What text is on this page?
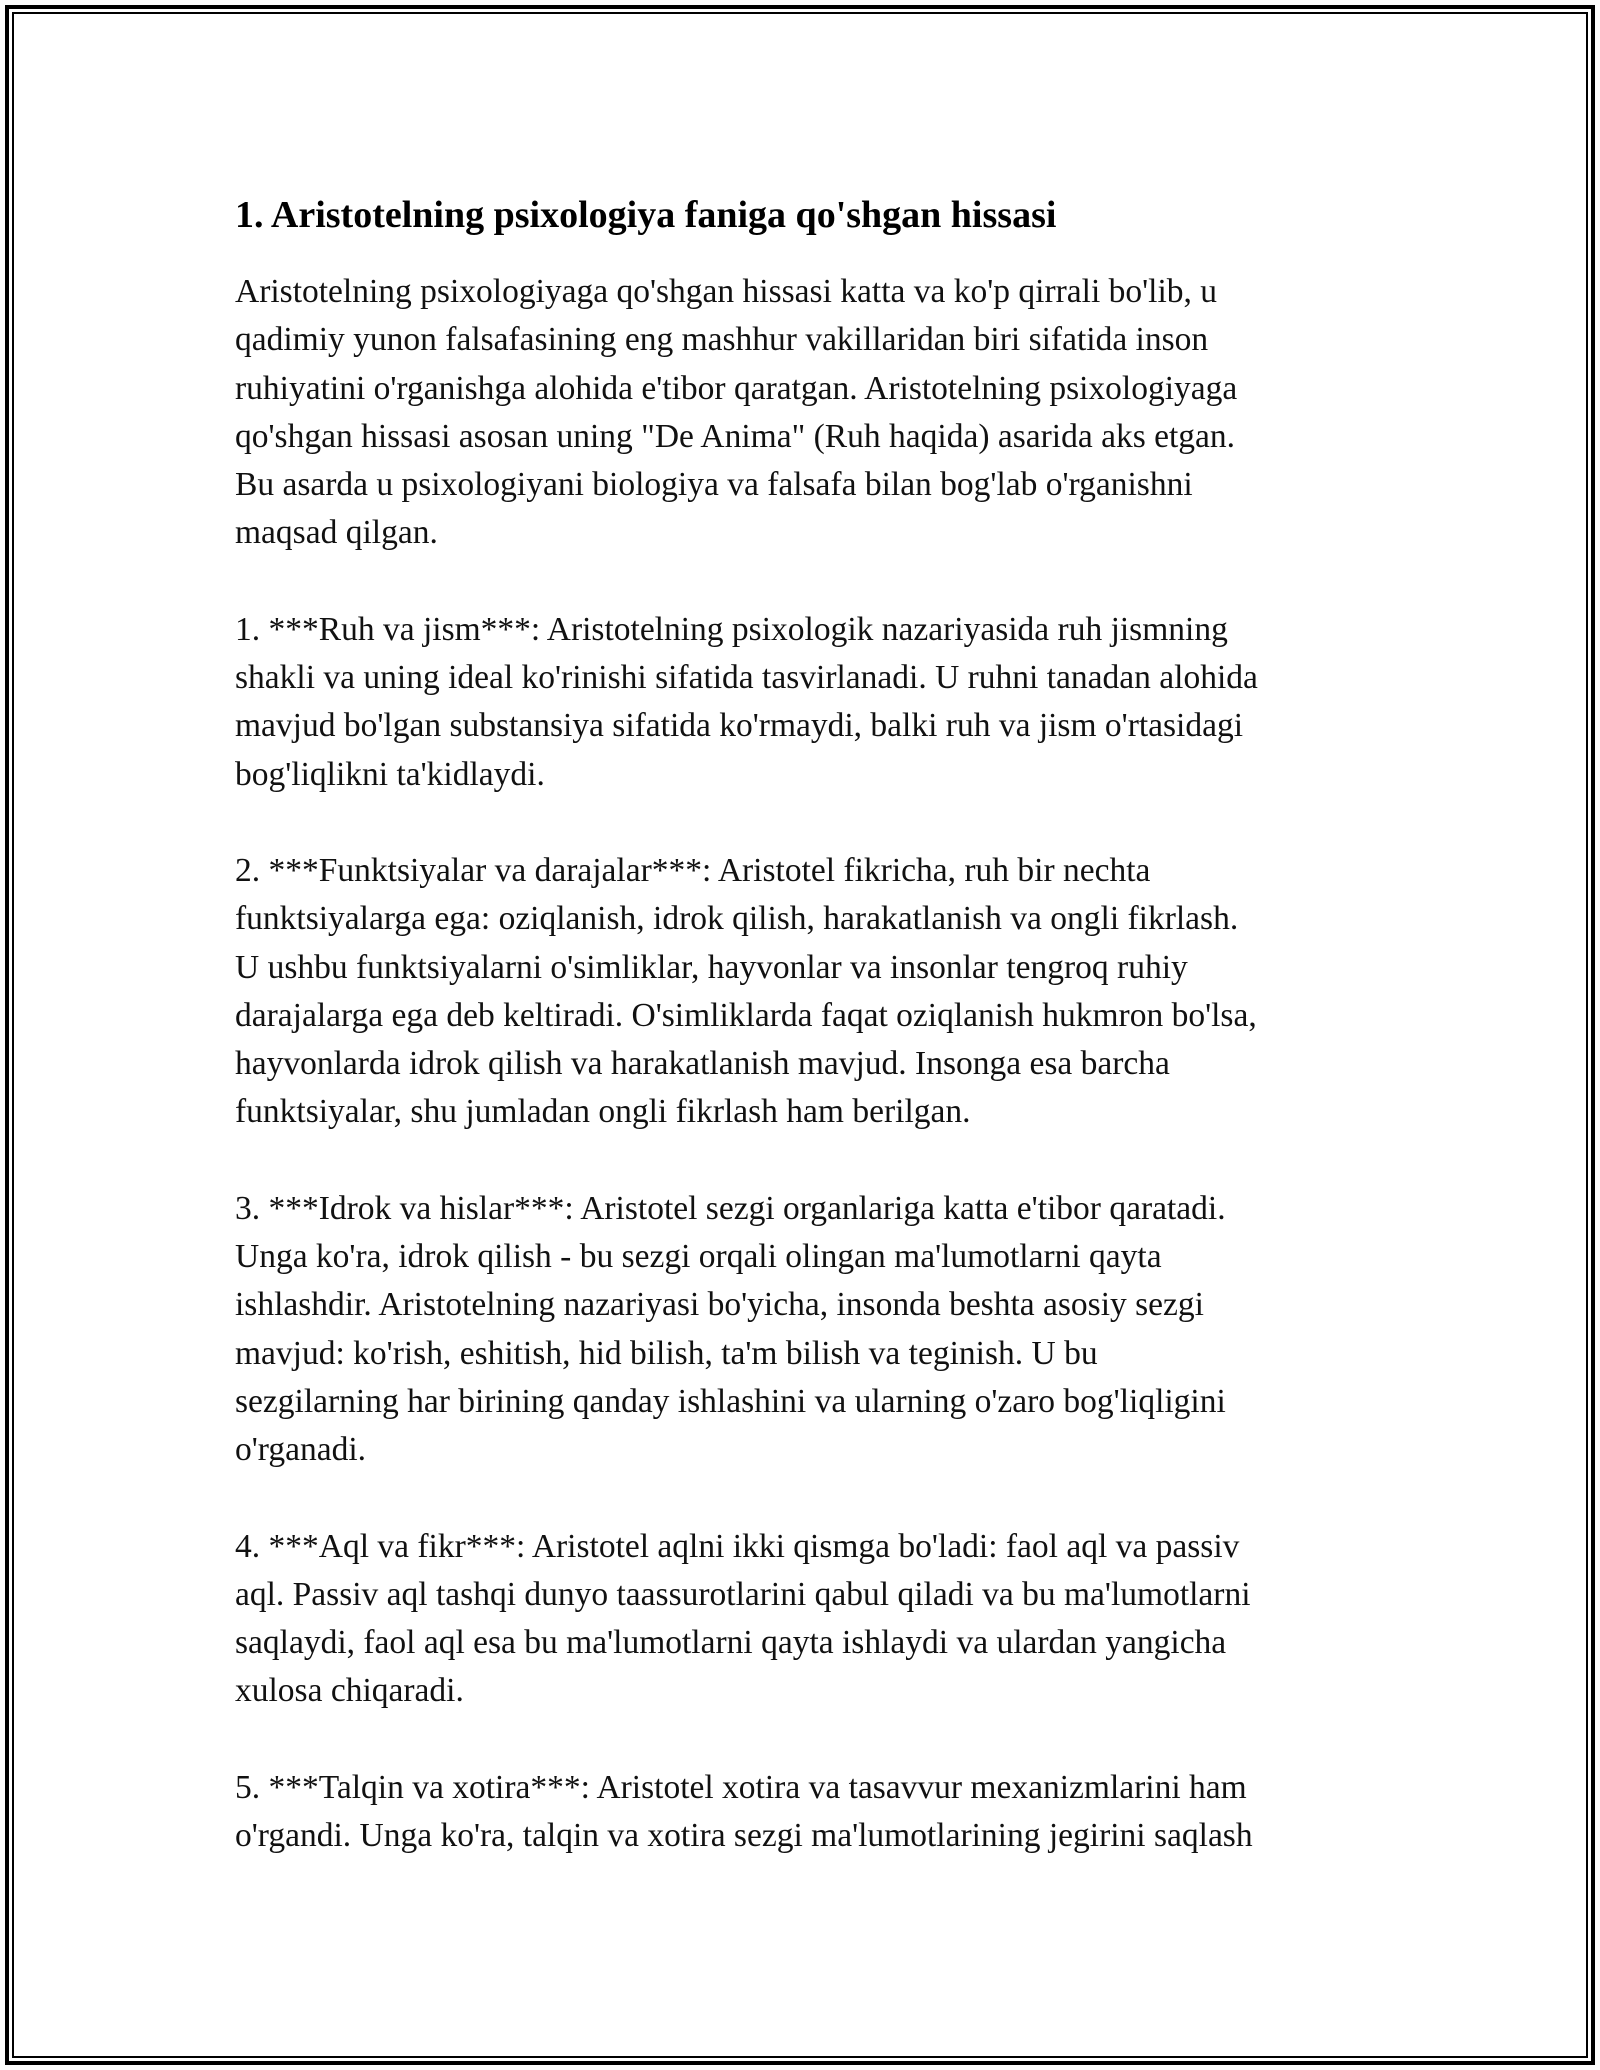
1. Aristotelning psixologiya faniga qo'shgan hissasi
Aristotelning psixologiyaga qo'shgan hissasi katta va ko'p qirrali bo'lib, u
qadimiy yunon falsafasining eng mashhur vakillaridan biri sifatida inson
ruhiyatini o'rganishga alohida e'tibor qaratgan. Aristotelning psixologiyaga
qo'shgan hissasi asosan uning "De Anima" (Ruh haqida) asarida aks etgan.
Bu asarda u psixologiyani biologiya va falsafa bilan bog'lab o'rganishni
maqsad qilgan.
1. ***Ruh va jism***: Aristotelning psixologik nazariyasida ruh jismning
shakli va uning ideal ko'rinishi sifatida tasvirlanadi. U ruhni tanadan alohida
mavjud bo'lgan substansiya sifatida ko'rmaydi, balki ruh va jism o'rtasidagi
bog'liqlikni ta'kidlaydi.
2. ***Funktsiyalar va darajalar***: Aristotel fikricha, ruh bir nechta
funktsiyalarga ega: oziqlanish, idrok qilish, harakatlanish va ongli fikrlash.
U ushbu funktsiyalarni o'simliklar, hayvonlar va insonlar tengroq ruhiy
darajalarga ega deb keltiradi. O'simliklarda faqat oziqlanish hukmron bo'lsa,
hayvonlarda idrok qilish va harakatlanish mavjud. Insonga esa barcha
funktsiyalar, shu jumladan ongli fikrlash ham berilgan.
3. ***Idrok va hislar***: Aristotel sezgi organlariga katta e'tibor qaratadi.
Unga ko'ra, idrok qilish - bu sezgi orqali olingan ma'lumotlarni qayta
ishlashdir. Aristotelning nazariyasi bo'yicha, insonda beshta asosiy sezgi
mavjud: ko'rish, eshitish, hid bilish, ta'm bilish va teginish. U bu
sezgilarning har birining qanday ishlashini va ularning o'zaro bog'liqligini
o'rganadi.
4. ***Aql va fikr***: Aristotel aqlni ikki qismga bo'ladi: faol aql va passiv
aql. Passiv aql tashqi dunyo taassurotlarini qabul qiladi va bu ma'lumotlarni
saqlaydi, faol aql esa bu ma'lumotlarni qayta ishlaydi va ulardan yangicha
xulosa chiqaradi.
5. ***Talqin va xotira***: Aristotel xotira va tasavvur mexanizmlarini ham
o'rgandi. Unga ko'ra, talqin va xotira sezgi ma'lumotlarining jegirini saqlash
